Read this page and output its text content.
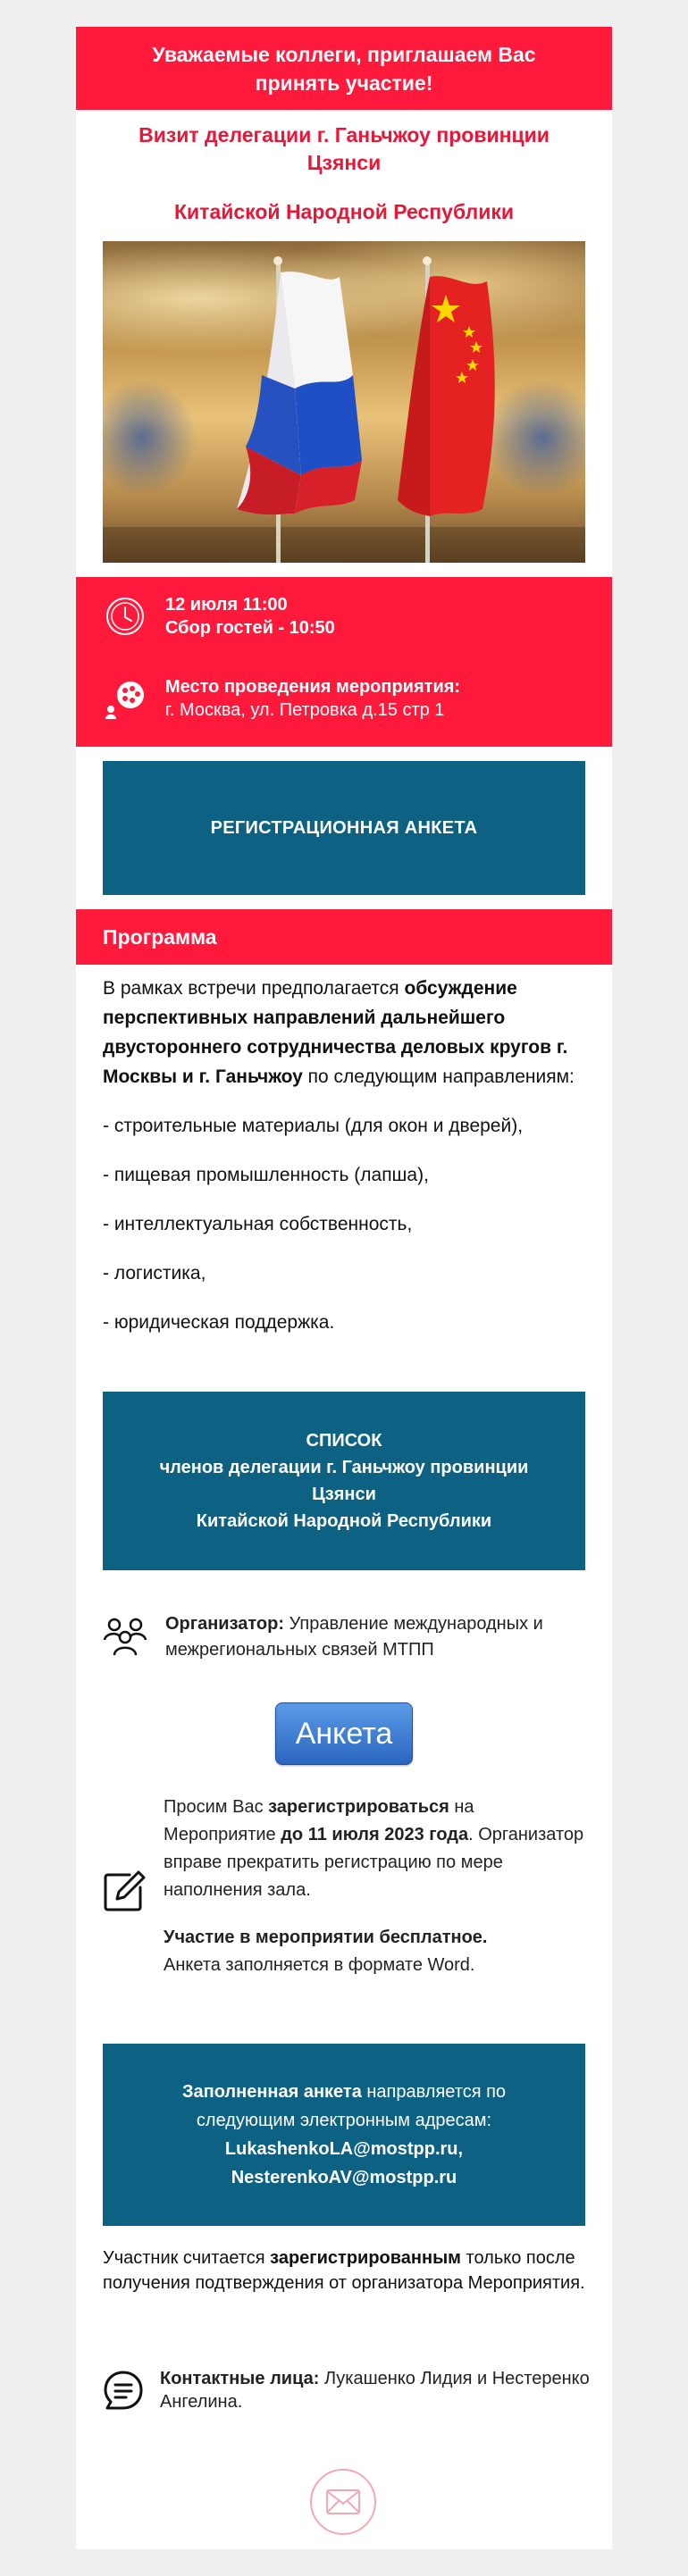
Уважаемые коллеги, приглашаем Вас принять участие!
Визит делегации г. Ганьчжоу провинции Цзянси
Китайской Народной Республики
12 июля 11:00
Сбор гостей - 10:50
Место проведения мероприятия:
г. Москва, ул. Петровка д.15 стр 1
РЕГИСТРАЦИОННАЯ АНКЕТА
Программа

В рамках встречи предполагается обсуждение перспективных направлений дальнейшего двустороннего сотрудничества деловых кругов г. Москвы и г. Ганьчжоу по следующим направлениям:

- строительные материалы (для окон и дверей),

- пищевая промышленность (лапша),

- интеллектуальная собственность,

- логистика,

- юридическая поддержка.

СПИСОК
членов делегации г. Ганьчжоу провинции Цзянси
Китайской Народной Республики
Организатор: Управление международных и межрегиональных связей МТПП
Анкета

Просим Вас зарегистрироваться на Мероприятие до 11 июля 2023 года. Организатор вправе прекратить регистрацию по мере наполнения зала.

Участие в мероприятии бесплатное.
Анкета заполняется в формате Word.

Заполненная анкета направляется по следующим электронным адресам:
LukashenkoLA@mostpp.ru,
NesterenkoAV@mostpp.ru
Участник считается зарегистрированным только после получения подтверждения от организатора Мероприятия.
Контактные лица: Лукашенко Лидия и Нестеренко Ангелина.
